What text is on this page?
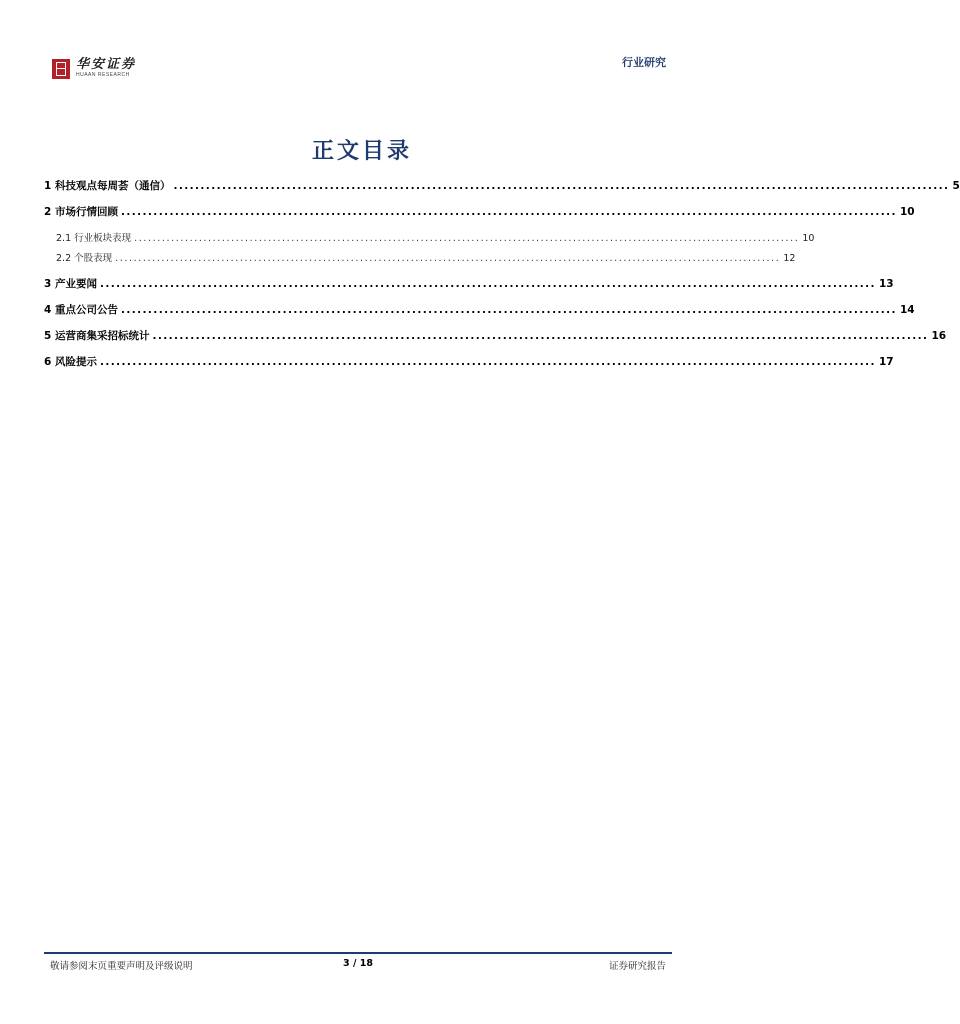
华安证券
HUAAN RESEARCH
行业研究
正文目录
1 科技观点每周荟（通信） ................................................................................................................................................ 5
2 市场行情回顾 ................................................................................................................................................ 10
2.1 行业板块表现 ................................................................................................................................................ 10
2.2 个股表现 ................................................................................................................................................ 12
3 产业要闻 ................................................................................................................................................ 13
4 重点公司公告 ................................................................................................................................................ 14
5 运营商集采招标统计 ................................................................................................................................................ 16
6 风险提示 ................................................................................................................................................ 17
敬请参阅末页重要声明及评级说明	3 / 18	证券研究报告
